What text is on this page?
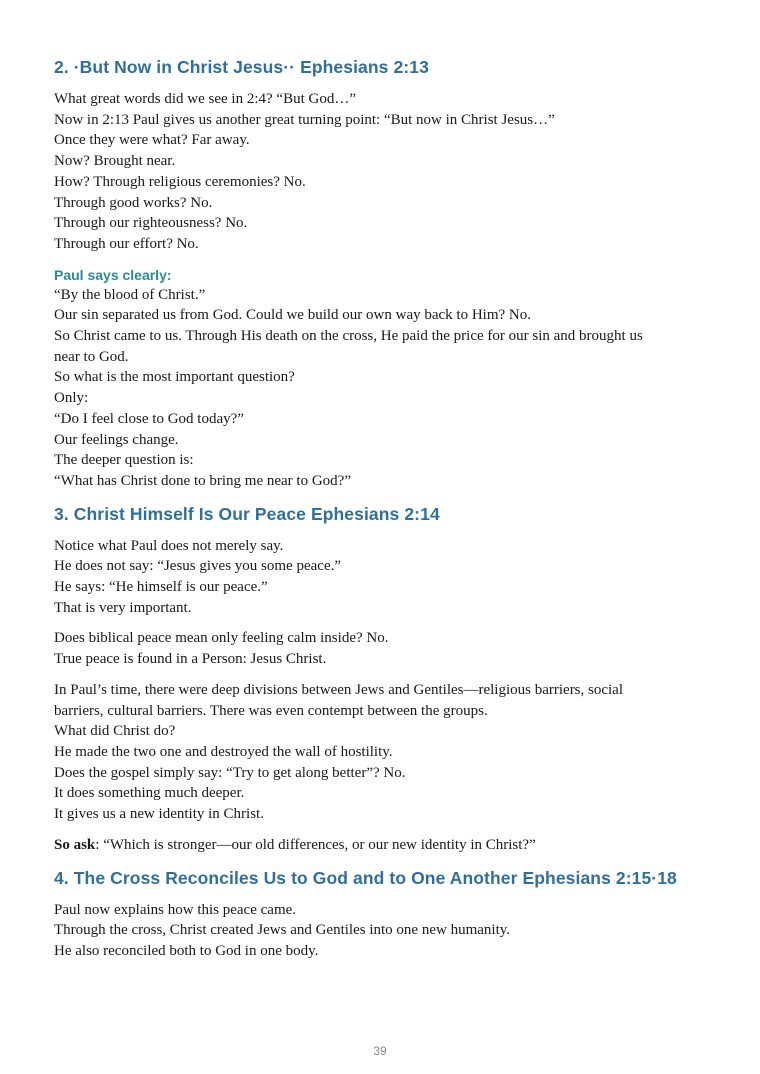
2. ·But Now in Christ Jesus·· Ephesians 2:13

What great words did we see in 2:4? “But God…”

Now in 2:13 Paul gives us another great turning point: “But now in Christ Jesus…”

Once they were what? Far away.

Now? Brought near.

How? Through religious ceremonies? No.

Through good works? No.

Through our righteousness? No.

Through our effort? No.

Paul says clearly:

“By the blood of Christ.”

Our sin separated us from God. Could we build our own way back to Him? No.

So Christ came to us. Through His death on the cross, He paid the price for our sin and brought us

near to God.

So what is the most important question?

Only:

“Do I feel close to God today?”

Our feelings change.

The deeper question is:

“What has Christ done to bring me near to God?”

3. Christ Himself Is Our Peace Ephesians 2:14

Notice what Paul does not merely say.

He does not say: “Jesus gives you some peace.”

He says: “He himself is our peace.”

That is very important.

Does biblical peace mean only feeling calm inside? No.

True peace is found in a Person: Jesus Christ.

In Paul’s time, there were deep divisions between Jews and Gentiles—religious barriers, social

barriers, cultural barriers. There was even contempt between the groups.

What did Christ do?

He made the two one and destroyed the wall of hostility.

Does the gospel simply say: “Try to get along better”? No.

It does something much deeper.

It gives us a new identity in Christ.

So ask: “Which is stronger—our old differences, or our new identity in Christ?”

4. The Cross Reconciles Us to God and to One Another Ephesians 2:15·18

Paul now explains how this peace came.

Through the cross, Christ created Jews and Gentiles into one new humanity.

He also reconciled both to God in one body.

39
